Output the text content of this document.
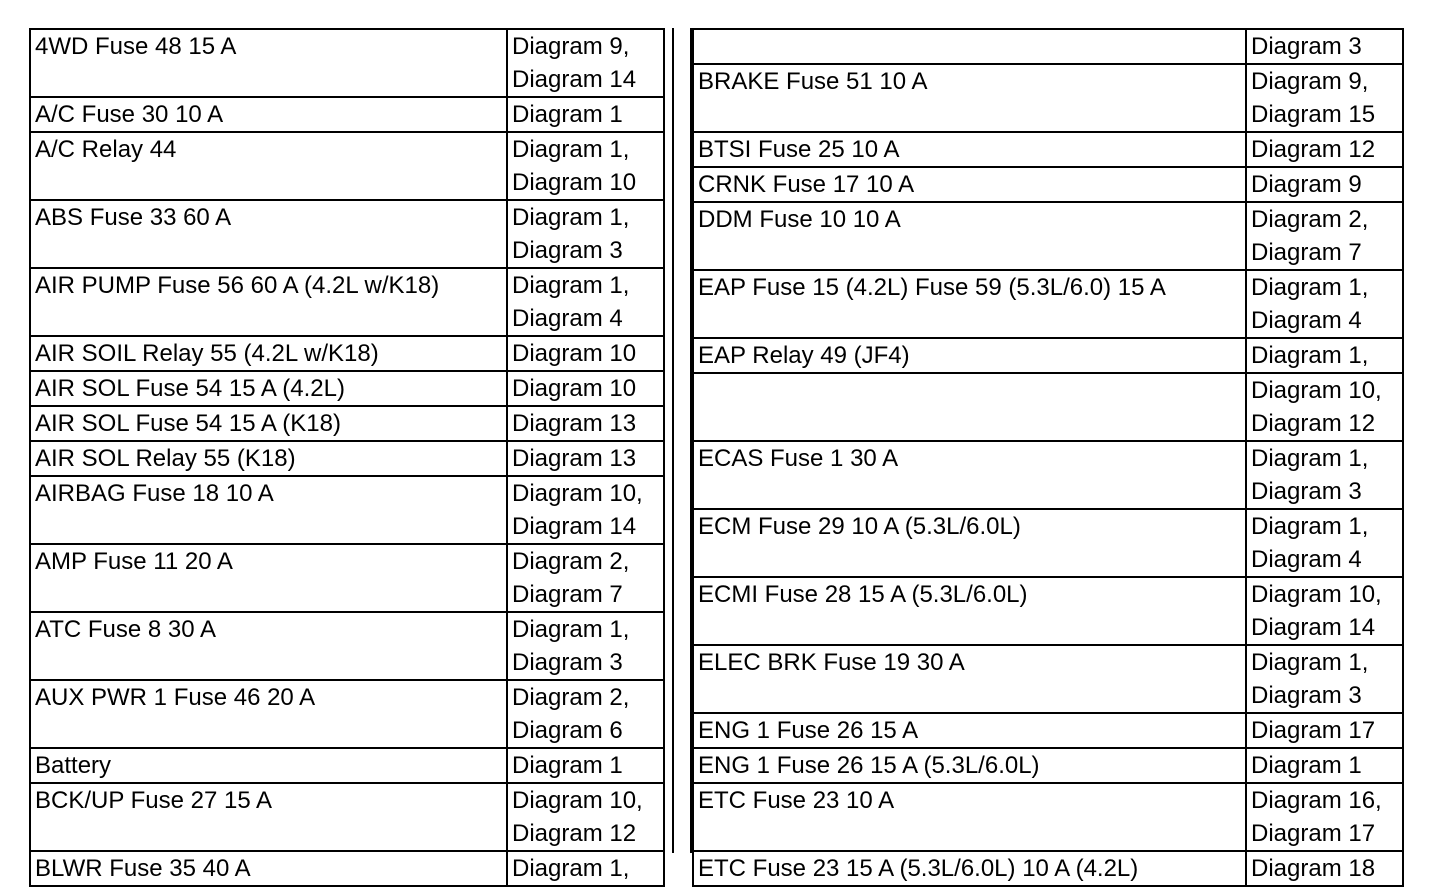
4WD Fuse 48 15 A	Diagram 9,
Diagram 14
A/C Fuse 30 10 A	Diagram 1
A/C Relay 44	Diagram 1,
Diagram 10
ABS Fuse 33 60 A	Diagram 1,
Diagram 3
AIR PUMP Fuse 56 60 A (4.2L w/K18)	Diagram 1,
Diagram 4
AIR SOIL Relay 55 (4.2L w/K18)	Diagram 10
AIR SOL Fuse 54 15 A (4.2L)	Diagram 10
AIR SOL Fuse 54 15 A (K18)	Diagram 13
AIR SOL Relay 55 (K18)	Diagram 13
AIRBAG Fuse 18 10 A	Diagram 10,
Diagram 14
AMP Fuse 11 20 A	Diagram 2,
Diagram 7
ATC Fuse 8 30 A	Diagram 1,
Diagram 3
AUX PWR 1 Fuse 46 20 A	Diagram 2,
Diagram 6
Battery	Diagram 1
BCK/UP Fuse 27 15 A	Diagram 10,
Diagram 12
BLWR Fuse 35 40 A	Diagram 1,
	Diagram 3
BRAKE Fuse 51 10 A	Diagram 9,
Diagram 15
BTSI Fuse 25 10 A	Diagram 12
CRNK Fuse 17 10 A	Diagram 9
DDM Fuse 10 10 A	Diagram 2,
Diagram 7
EAP Fuse 15 (4.2L) Fuse 59 (5.3L/6.0) 15 A	Diagram 1,
Diagram 4
EAP Relay 49 (JF4)	Diagram 1,
	Diagram 10,
Diagram 12
ECAS Fuse 1 30 A	Diagram 1,
Diagram 3
ECM Fuse 29 10 A (5.3L/6.0L)	Diagram 1,
Diagram 4
ECMI Fuse 28 15 A (5.3L/6.0L)	Diagram 10,
Diagram 14
ELEC BRK Fuse 19 30 A	Diagram 1,
Diagram 3
ENG 1 Fuse 26 15 A	Diagram 17
ENG 1 Fuse 26 15 A (5.3L/6.0L)	Diagram 1
ETC Fuse 23 10 A	Diagram 16,
Diagram 17
ETC Fuse 23 15 A (5.3L/6.0L) 10 A (4.2L)	Diagram 18
